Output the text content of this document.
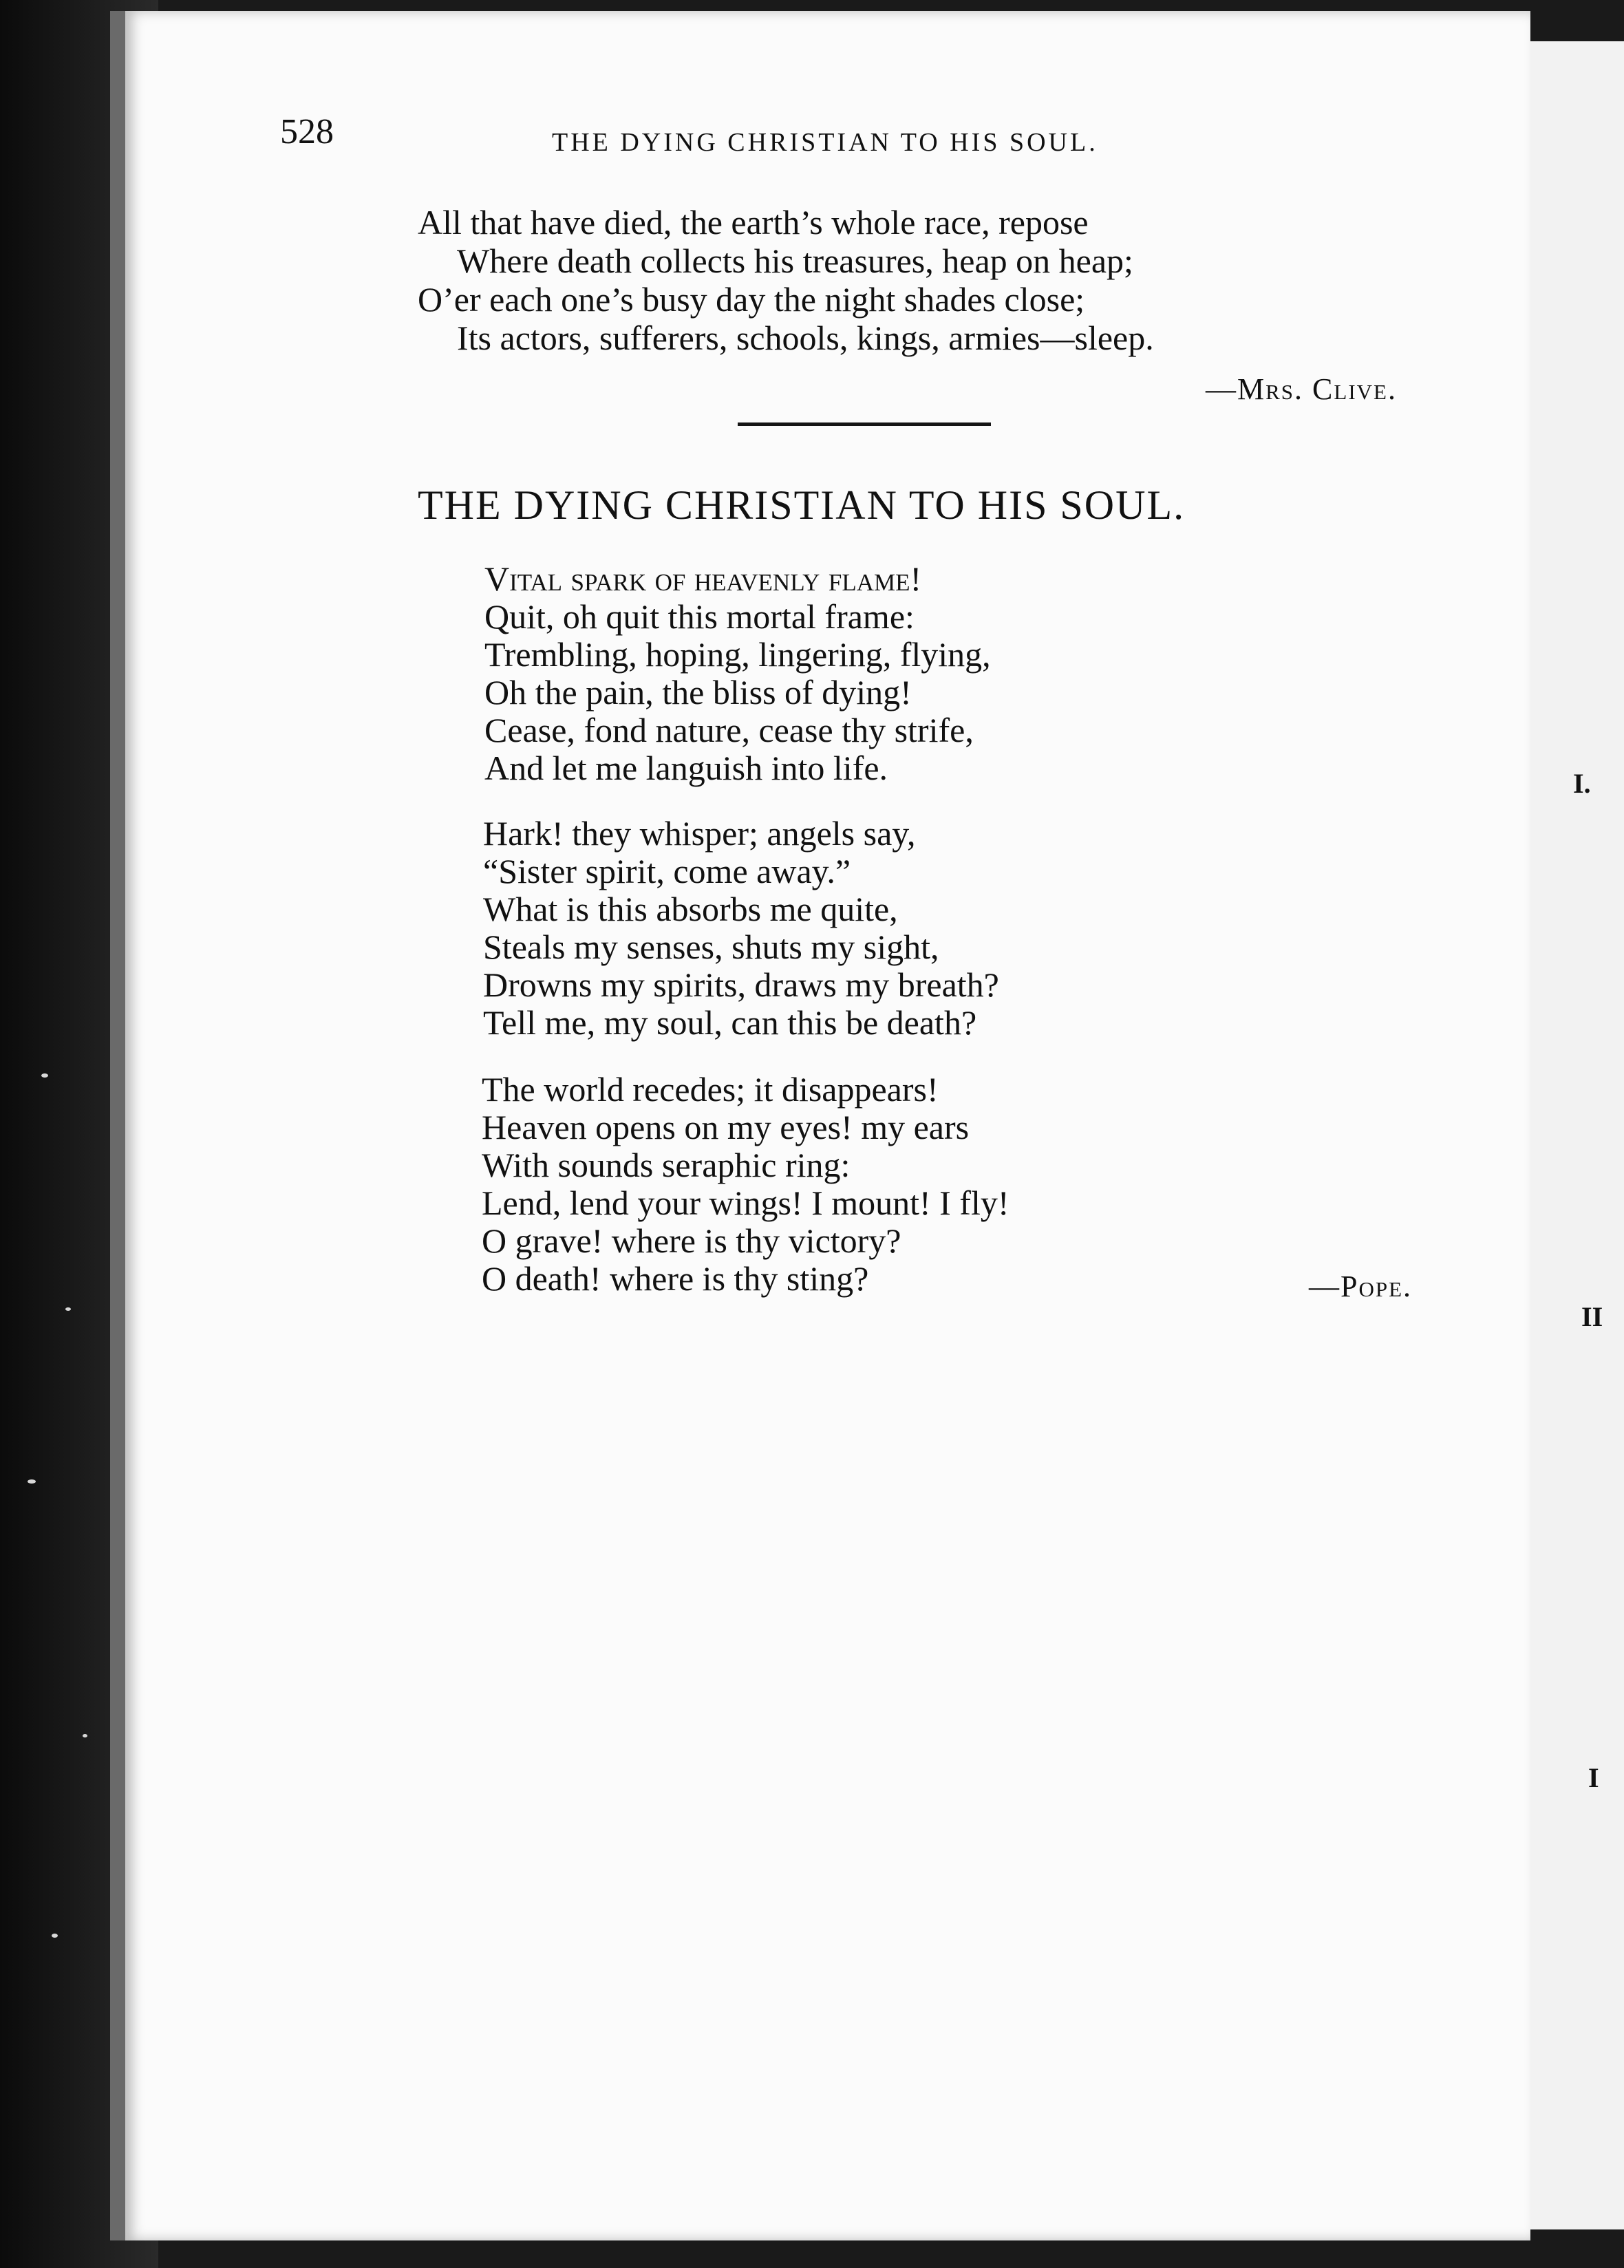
I.
II
I
528	THE DYING CHRISTIAN TO HIS SOUL.
All that have died, the earth’s whole race, repose
Where death collects his treasures, heap on heap;
O’er each one’s busy day the night shades close;
Its actors, sufferers, schools, kings, armies—sleep.
—Mrs. Clive.
THE DYING CHRISTIAN TO HIS SOUL.
Vital spark of heavenly flame!
Quit, oh quit this mortal frame:
Trembling, hoping, lingering, flying,
Oh the pain, the bliss of dying!
Cease, fond nature, cease thy strife,
And let me languish into life.
Hark! they whisper; angels say,
“Sister spirit, come away.”
What is this absorbs me quite,
Steals my senses, shuts my sight,
Drowns my spirits, draws my breath?
Tell me, my soul, can this be death?
The world recedes; it disappears!
Heaven opens on my eyes! my ears
With sounds seraphic ring:
Lend, lend your wings! I mount! I fly!
O grave! where is thy victory?
O death! where is thy sting?	—Pope.
